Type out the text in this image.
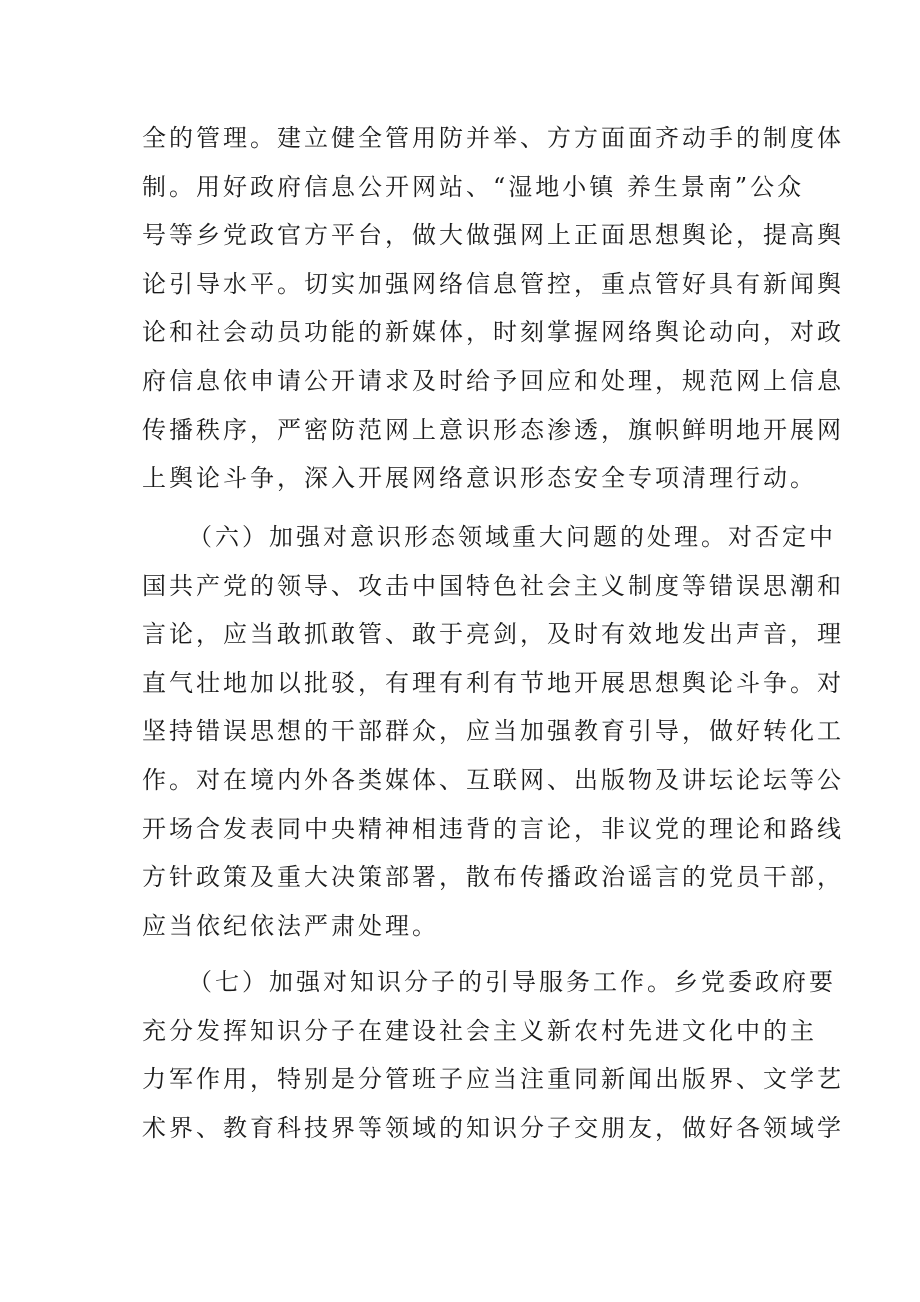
全的管理。建立健全管用防并举、方方面面齐动手的制度体
制。用好政府信息公开网站、“湿地小镇 养生景南”公众
号等乡党政官方平台，做大做强网上正面思想舆论，提高舆
论引导水平。切实加强网络信息管控，重点管好具有新闻舆
论和社会动员功能的新媒体，时刻掌握网络舆论动向，对政
府信息依申请公开请求及时给予回应和处理，规范网上信息
传播秩序，严密防范网上意识形态渗透，旗帜鲜明地开展网
上舆论斗争，深入开展网络意识形态安全专项清理行动。
（六）加强对意识形态领域重大问题的处理。对否定中
国共产党的领导、攻击中国特色社会主义制度等错误思潮和
言论，应当敢抓敢管、敢于亮剑，及时有效地发出声音，理
直气壮地加以批驳，有理有利有节地开展思想舆论斗争。对
坚持错误思想的干部群众，应当加强教育引导，做好转化工
作。对在境内外各类媒体、互联网、出版物及讲坛论坛等公
开场合发表同中央精神相违背的言论，非议党的理论和路线
方针政策及重大决策部署，散布传播政治谣言的党员干部，
应当依纪依法严肃处理。
（七）加强对知识分子的引导服务工作。乡党委政府要
充分发挥知识分子在建设社会主义新农村先进文化中的主
力军作用，特别是分管班子应当注重同新闻出版界、文学艺
术界、教育科技界等领域的知识分子交朋友，做好各领域学
